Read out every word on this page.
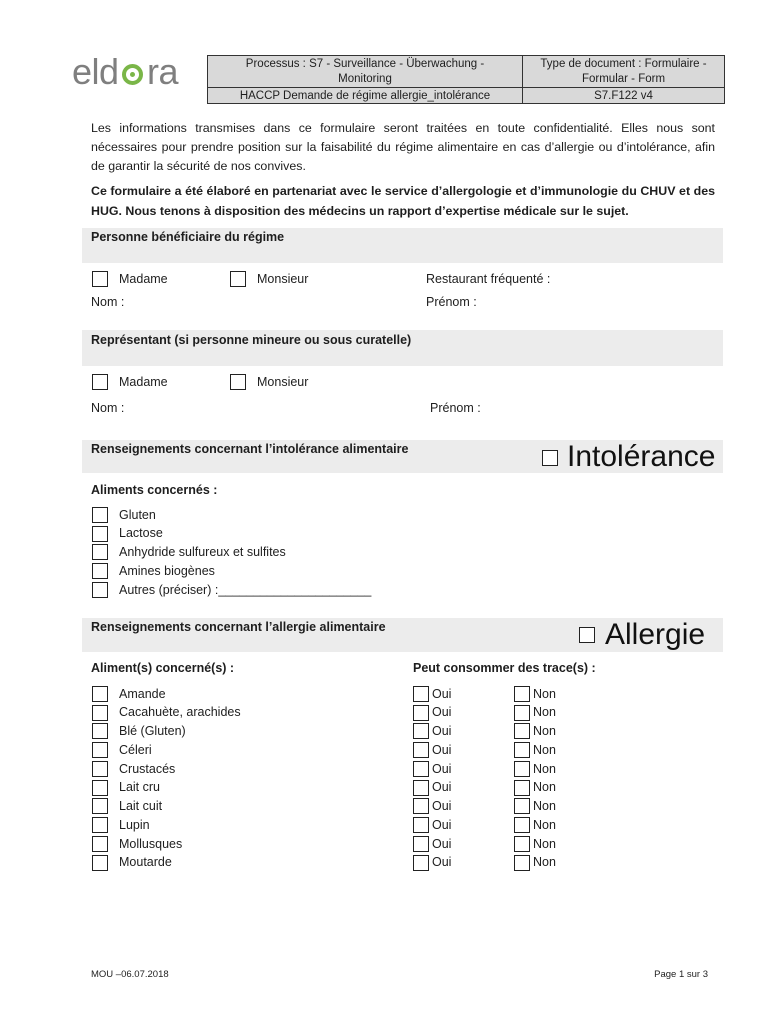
eld ra	Processus : S7 - Surveillance - Überwachung - Monitoring	Type de document : Formulaire - Formular - Form
HACCP Demande de régime allergie_intolérance	S7.F122 v4

Les informations transmises dans ce formulaire seront traitées en toute confidentialité. Elles nous sont nécessaires pour prendre position sur la faisabilité du régime alimentaire en cas d’allergie ou d’intolérance, afin de garantir la sécurité de nos convives.

Ce formulaire a été élaboré en partenariat avec le service d’allergologie et d’immunologie du CHUV et des HUG. Nous tenons à disposition des médecins un rapport d’expertise médicale sur le sujet.

Personne bénéficiaire du régime
Madame	Monsieur	Restaurant fréquenté :
Nom :	Prénom :
Représentant (si personne mineure ou sous curatelle)
Madame	Monsieur
Nom :	Prénom :
Renseignements concernant l’intolérance alimentaire	Intolérance
Aliments concernés :
Gluten
Lactose
Anhydride sulfureux et sulfites
Amines biogènes
Autres (préciser) :______________________
Renseignements concernant l’allergie alimentaire	Allergie
Aliment(s) concerné(s) :	Peut consommer des trace(s) :
Amande	Oui	Non
Cacahuète, arachides	Oui	Non
Blé (Gluten)	Oui	Non
Céleri	Oui	Non
Crustacés	Oui	Non
Lait cru	Oui	Non
Lait cuit	Oui	Non
Lupin	Oui	Non
Mollusques	Oui	Non
Moutarde	Oui	Non
MOU –06.07.2018	Page 1 sur 3
